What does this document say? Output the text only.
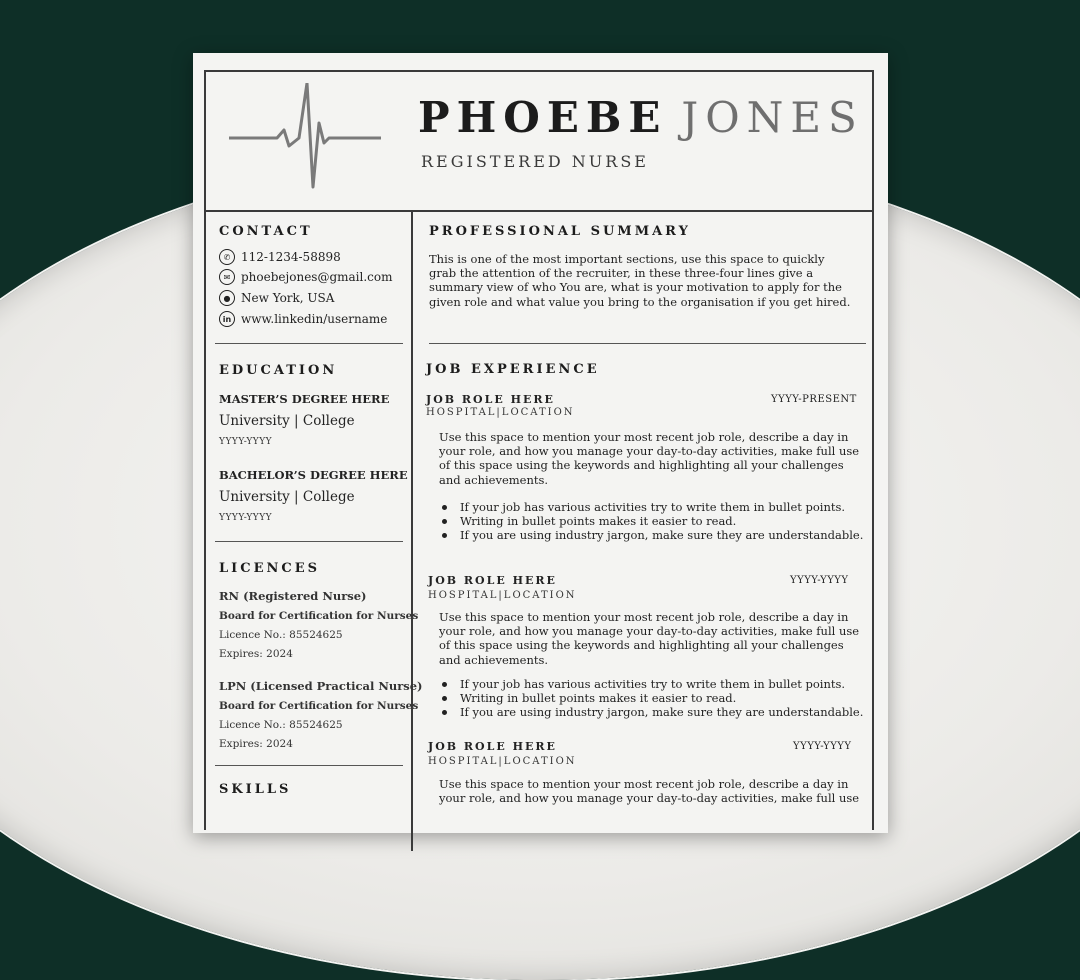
PHOEBE JONES
REGISTERED NURSE
CONTACT
✆ 112-1234-58898
✉ phoebejones@gmail.com
● New York, USA
in www.linkedin/username
EDUCATION
MASTER’S DEGREE HERE
University | College
YYYY-YYYY
BACHELOR’S DEGREE HERE
University | College
YYYY-YYYY
LICENCES
RN (Registered Nurse)
Board for Certification for Nurses
Licence No.: 85524625
Expires: 2024
LPN (Licensed Practical Nurse)
Board for Certification for Nurses
Licence No.: 85524625
Expires: 2024
SKILLS
PROFESSIONAL SUMMARY
This is one of the most important sections, use this space to quickly grab the attention of the recruiter, in these three-four lines give a summary view of who You are, what is your motivation to apply for the given role and what value you bring to the organisation if you get hired.
JOB EXPERIENCE
JOB ROLE HERE	YYYY-PRESENT
HOSPITAL|LOCATION
Use this space to mention your most recent job role, describe a day in your role, and how you manage your day-to-day activities, make full use of this space using the keywords and highlighting all your challenges and achievements.
If your job has various activities try to write them in bullet points.
Writing in bullet points makes it easier to read.
If you are using industry jargon, make sure they are understandable.
JOB ROLE HERE	YYYY-YYYY
HOSPITAL|LOCATION
Use this space to mention your most recent job role, describe a day in your role, and how you manage your day-to-day activities, make full use of this space using the keywords and highlighting all your challenges and achievements.
If your job has various activities try to write them in bullet points.
Writing in bullet points makes it easier to read.
If you are using industry jargon, make sure they are understandable.
JOB ROLE HERE	YYYY-YYYY
HOSPITAL|LOCATION
Use this space to mention your most recent job role, describe a day in your role, and how you manage your day-to-day activities, make full use
